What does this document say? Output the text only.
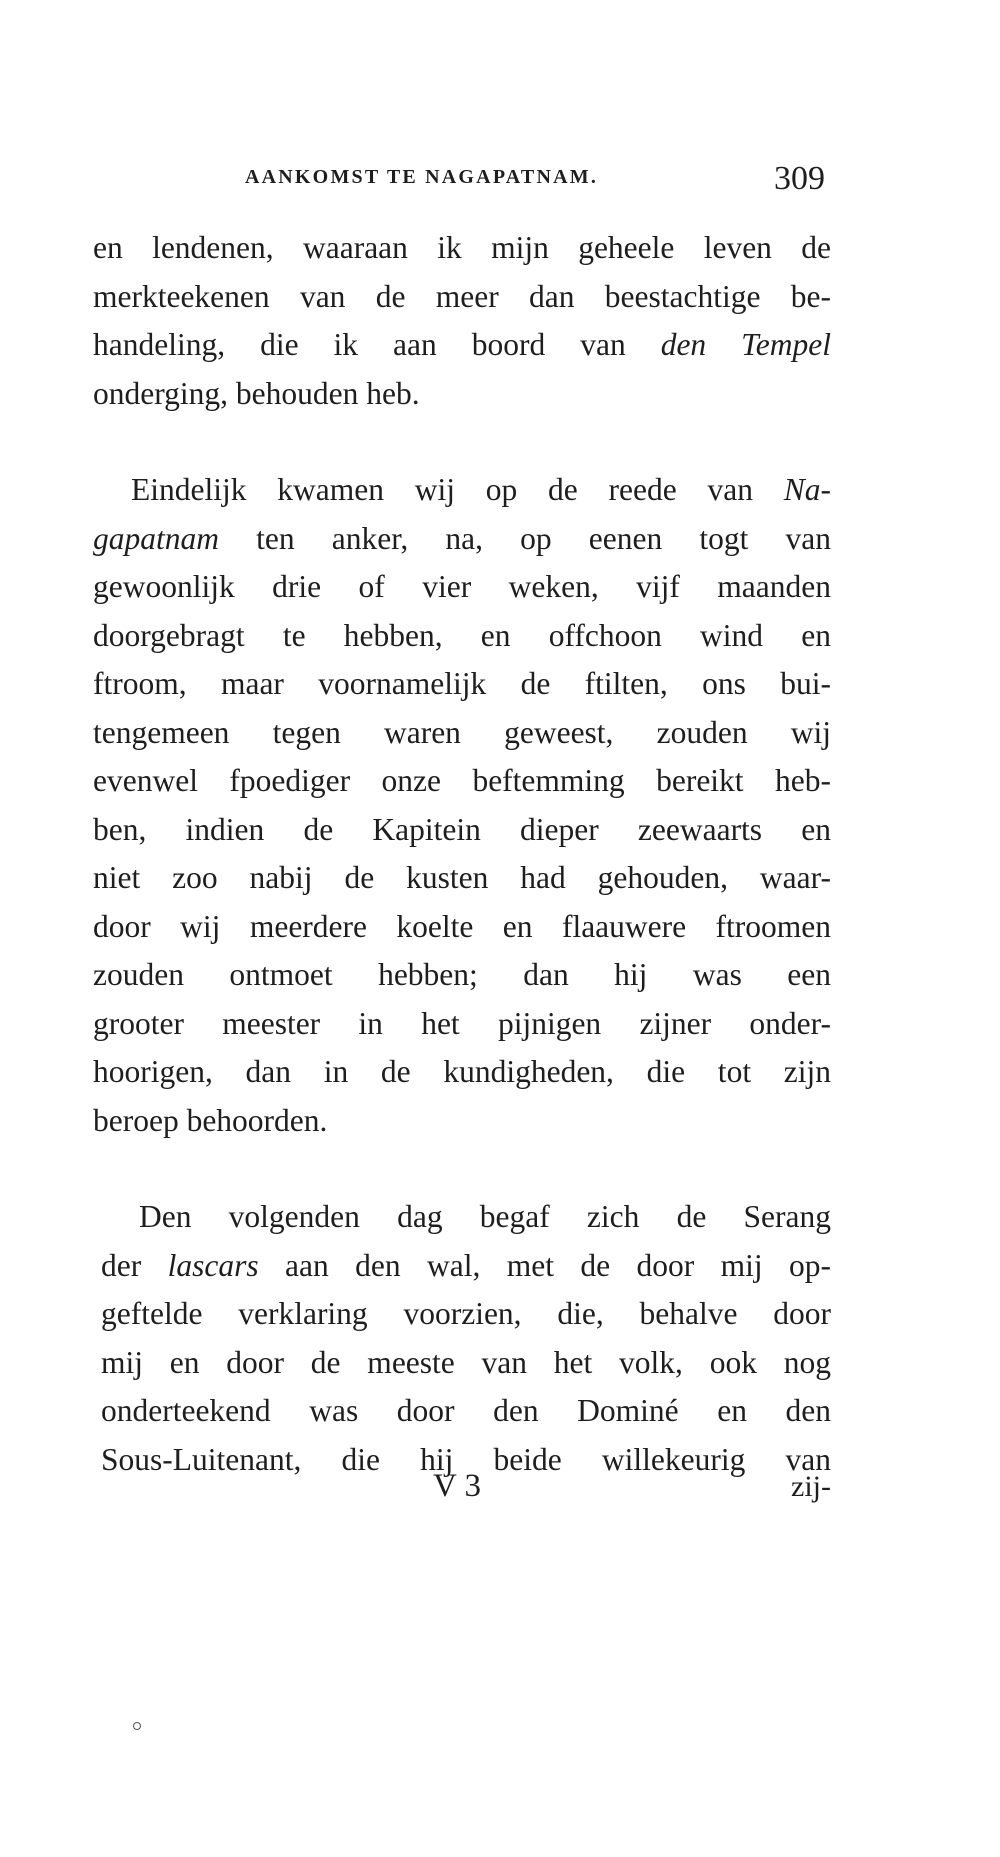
AANKOMST TE NAGAPATNAM.	309

en lendenen, waaraan ik mijn geheele leven de
merkteekenen van de meer dan beestachtige be-
handeling, die ik aan boord van den Tempel
onderging, behouden heb.

Eindelijk kwamen wij op de reede van Na-
gapatnam ten anker, na, op eenen togt van
gewoonlijk drie of vier weken, vijf maanden
doorgebragt te hebben, en offchoon wind en
ftroom, maar voornamelijk de ftilten, ons bui-
tengemeen tegen waren geweest, zouden wij
evenwel fpoediger onze beftemming bereikt heb-
ben, indien de Kapitein dieper zeewaarts en
niet zoo nabij de kusten had gehouden, waar-
door wij meerdere koelte en flaauwere ftroomen
zouden ontmoet hebben; dan hij was een
grooter meester in het pijnigen zijner onder-
hoorigen, dan in de kundigheden, die tot zijn
beroep behoorden.

Den volgenden dag begaf zich de Serang
der lascars aan den wal, met de door mij op-
geftelde verklaring voorzien, die, behalve door
mij en door de meeste van het volk, ook nog
onderteekend was door den Dominé en den
Sous-Luitenant, die hij beide willekeurig van

V 3	zij-
